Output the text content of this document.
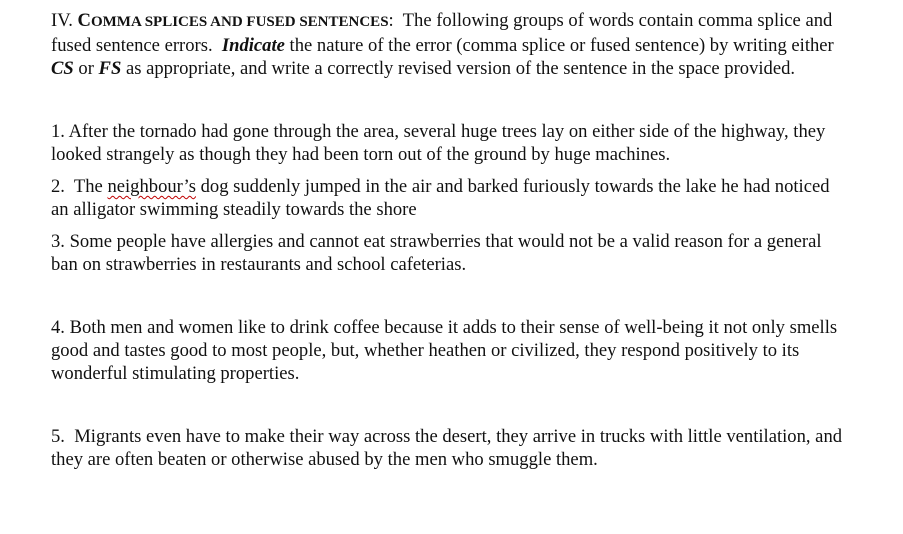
IV. COMMA SPLICES AND FUSED SENTENCES:  The following groups of words contain comma splice and fused sentence errors.  Indicate the nature of the error (comma splice or fused sentence) by writing either CS or FS as appropriate, and write a correctly revised version of the sentence in the space provided.

1. After the tornado had gone through the area, several huge trees lay on either side of the highway, they looked strangely as though they had been torn out of the ground by huge machines.

2.  The neighbour’s dog suddenly jumped in the air and barked furiously towards the lake he had noticed an alligator swimming steadily towards the shore

3. Some people have allergies and cannot eat strawberries that would not be a valid reason for a general ban on strawberries in restaurants and school cafeterias.

4. Both men and women like to drink coffee because it adds to their sense of well-being it not only smells good and tastes good to most people, but, whether heathen or civilized, they respond positively to its wonderful stimulating properties.

5.  Migrants even have to make their way across the desert, they arrive in trucks with little ventilation, and they are often beaten or otherwise abused by the men who smuggle them.
